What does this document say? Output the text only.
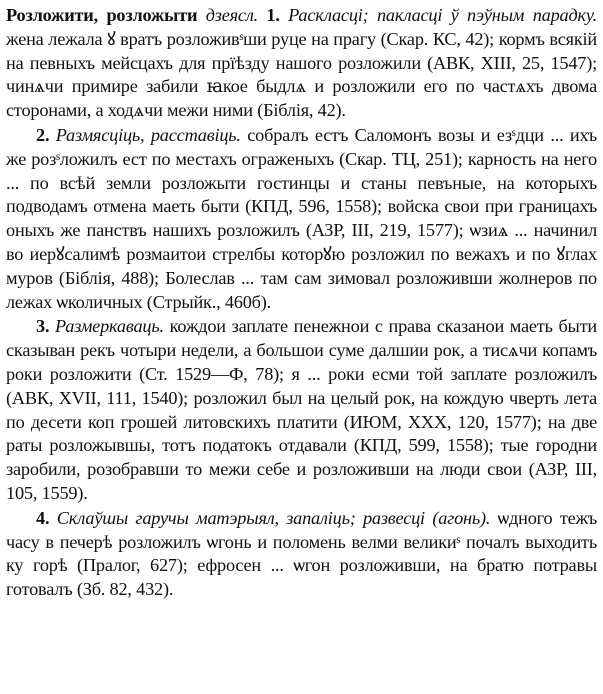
Розложити, розложыти дзеясл. 1. Раскласці; пакласці ў пэўным парадку. жена лежала ꙋ вратъ розложивˢши руце на прагу (Скар. КС, 42); кормъ всякій на певныхъ мейсцахъ для прїѣзду нашого розложили (АВК, XIII, 25, 1547); чинѧчи примире забили ꙗкое быдлѧ и розложили его по частѧхъ двома сторонами, а ходѧчи межи ними (Біблія, 42).

2. Размясціць, расставіць. собралъ естъ Саломонъ возы и езˢдци ... ихъ же розˢложилъ ест по местахъ ограженыхъ (Скар. ТЦ, 251); карность на него ... по всѣй земли розложыти гостинцы и станы певъные, на которыхъ подводамъ отмена маеть быти (КПД, 596, 1558); войска свои при границахъ оныхъ же панствъ нашихъ розложилъ (АЗР, III, 219, 1577); ѡзиѧ ... начинил во иерꙋсалимѣ розмаитои стрелбы которꙋю розложил по вежахъ и по ꙋглах муров (Біблія, 488); Болеслав ... там сам зимовал розложивши жолнеров по лежах ѡколичных (Стрыйк., 460б).

3. Размеркаваць. кождои заплате пенежнои с права сказанои маеть быти сказыван рекъ чотыри недели, а большои суме далшии рок, а тисѧчи копамъ роки розложити (Ст. 1529—Ф, 78); я ... роки есми той заплате розложилъ (АВК, XVII, 111, 1540); розложил был на целый рок, на кождую чверть лета по десети коп грошей литовскихъ платити (ИЮМ, XXX, 120, 1577); на две раты розложывшы, тотъ податокъ отдавали (КПД, 599, 1558); тые городни заробили, розобравши то межи себе и розложивши на люди свои (АЗР, III, 105, 1559).

4. Склаўшы гаручы матэрыял, запаліць; развесці (агонь). ѡдного тежъ часу в печерѣ розложилъ ѡгонь и поломень велми великиˢ почалъ выходить ку горѣ (Пралог, 627); ефросен ... ѡгон розложивши, на братю потравы готовалъ (Зб. 82, 432).
